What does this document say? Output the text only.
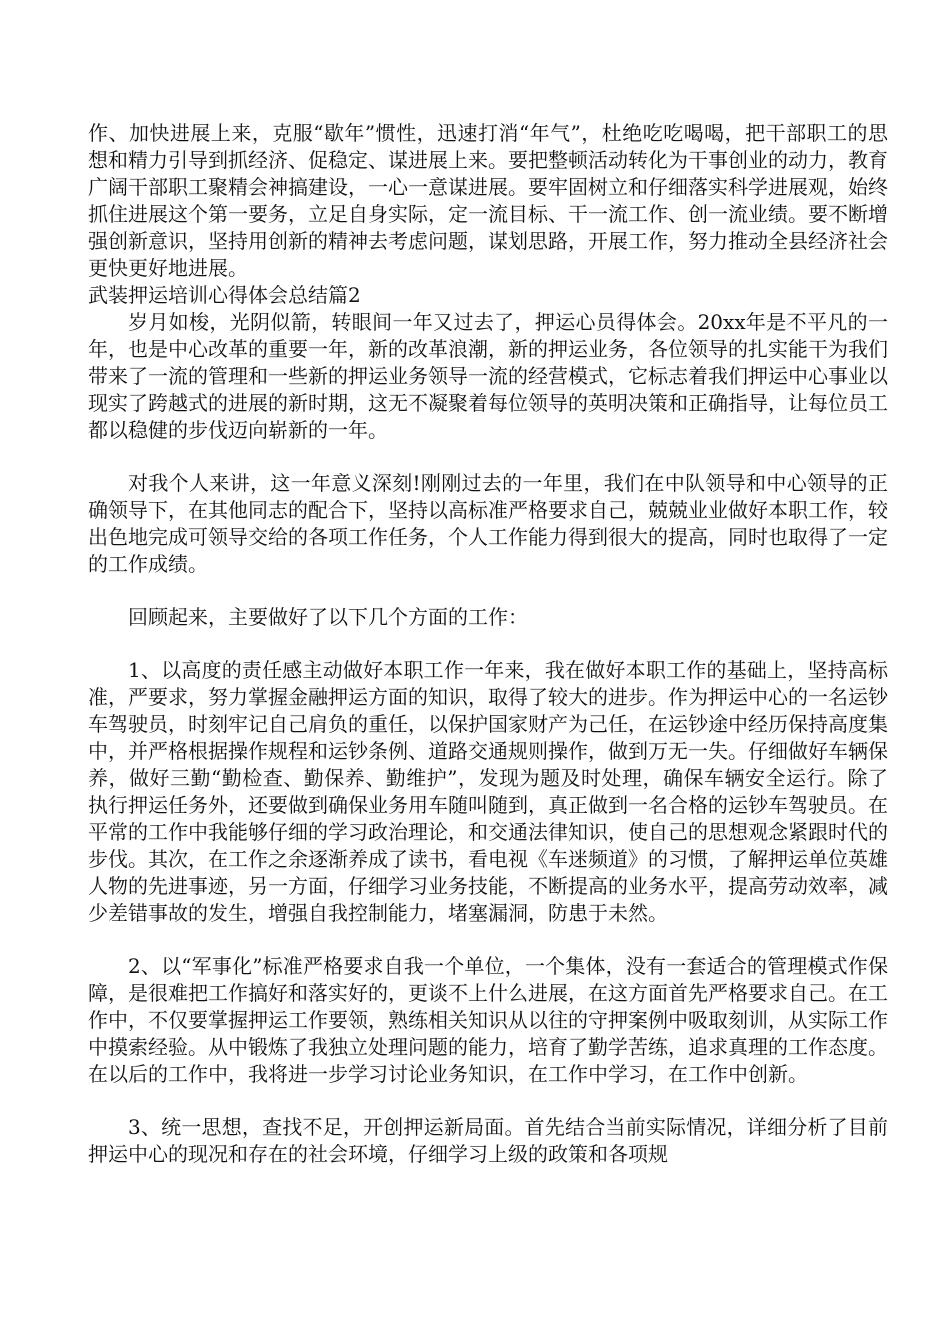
作、加快进展上来，克服“歇年”惯性，迅速打消“年气”，杜绝吃吃喝喝，把干部职工的思想和精力引导到抓经济、促稳定、谋进展上来。要把整顿活动转化为干事创业的动力，教育广阔干部职工聚精会神搞建设，一心一意谋进展。要牢固树立和仔细落实科学进展观，始终抓住进展这个第一要务，立足自身实际，定一流目标、干一流工作、创一流业绩。要不断增强创新意识，坚持用创新的精神去考虑问题，谋划思路，开展工作，努力推动全县经济社会更快更好地进展。

武装押运培训心得体会总结篇2

岁月如梭，光阴似箭，转眼间一年又过去了，押运心员得体会。20xx年是不平凡的一年，也是中心改革的重要一年，新的改革浪潮，新的押运业务，各位领导的扎实能干为我们带来了一流的管理和一些新的押运业务领导一流的经营模式，它标志着我们押运中心事业以现实了跨越式的进展的新时期，这无不凝聚着每位领导的英明决策和正确指导，让每位员工都以稳健的步伐迈向崭新的一年。

对我个人来讲，这一年意义深刻!刚刚过去的一年里，我们在中队领导和中心领导的正确领导下，在其他同志的配合下，坚持以高标准严格要求自己，兢兢业业做好本职工作，较出色地完成可领导交给的各项工作任务，个人工作能力得到很大的提高，同时也取得了一定的工作成绩。

回顾起来，主要做好了以下几个方面的工作：

1、以高度的责任感主动做好本职工作一年来，我在做好本职工作的基础上，坚持高标准，严要求，努力掌握金融押运方面的知识，取得了较大的进步。作为押运中心的一名运钞车驾驶员，时刻牢记自己肩负的重任，以保护国家财产为己任，在运钞途中经历保持高度集中，并严格根据操作规程和运钞条例、道路交通规则操作，做到万无一失。仔细做好车辆保养，做好三勤“勤检查、勤保养、勤维护”，发现为题及时处理，确保车辆安全运行。除了执行押运任务外，还要做到确保业务用车随叫随到，真正做到一名合格的运钞车驾驶员。在平常的工作中我能够仔细的学习政治理论，和交通法律知识，使自己的思想观念紧跟时代的步伐。其次，在工作之余逐渐养成了读书，看电视《车迷频道》的习惯，了解押运单位英雄人物的先进事迹，另一方面，仔细学习业务技能，不断提高的业务水平，提高劳动效率，减少差错事故的发生，增强自我控制能力，堵塞漏洞，防患于未然。

2、以“军事化”标准严格要求自我一个单位，一个集体，没有一套适合的管理模式作保障，是很难把工作搞好和落实好的，更谈不上什么进展，在这方面首先严格要求自己。在工作中，不仅要掌握押运工作要领，熟练相关知识从以往的守押案例中吸取刻训，从实际工作中摸索经验。从中锻炼了我独立处理问题的能力，培育了勤学苦练，追求真理的工作态度。在以后的工作中，我将进一步学习讨论业务知识，在工作中学习，在工作中创新。

3、统一思想，查找不足，开创押运新局面。首先结合当前实际情况，详细分析了目前押运中心的现况和存在的社会环境，仔细学习上级的政策和各项规
